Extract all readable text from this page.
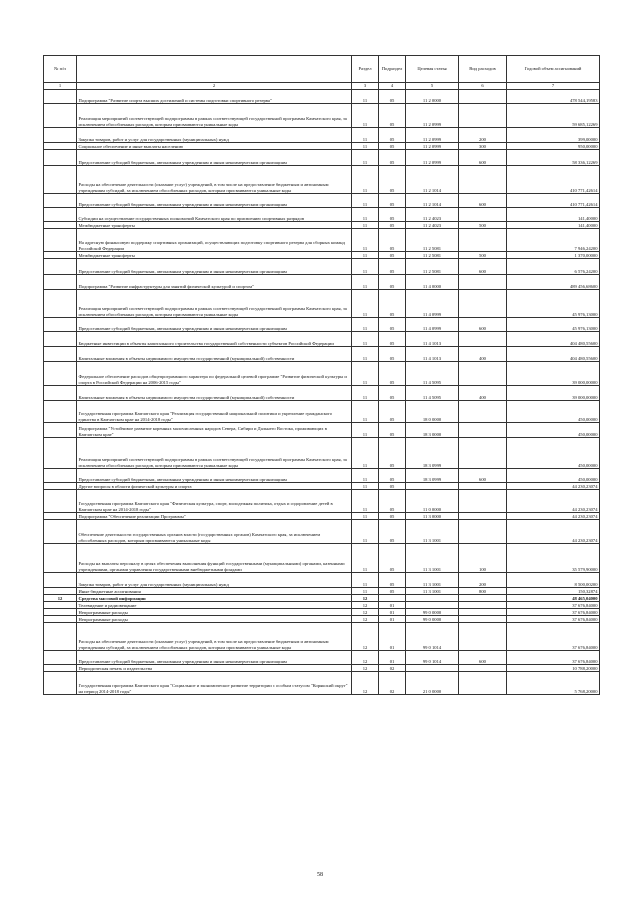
№ п/п		Раздел	Подраздел	Целевая статья	Вид расходов	Годовой объем ассигнований
1	2	3	4	5	6	7
	Подпрограмма "Развитие спорта высших достижений и системы подготовки спортивного резерва"	11	05	11 2 0000		478 544,19583
	Реализация мероприятий соответствующей подпрограммы в рамках соответствующей государственной программы Камчатского края, за исключением обособленных расходов, которым присваиваются уникальные коды	11	05	11 2 0999		59 685,12269
	Закупка товаров, работ и услуг для государственных (муниципальных) нужд	11	05	11 2 0999	200	399,00000
	Социальное обеспечение и иные выплаты населению	11	05	11 2 0999	300	950,00000
	Предоставление субсидий бюджетным, автономным учреждениям и иным некоммерческим организациям	11	05	11 2 0999	600	58 336,12269
	Расходы на обеспечение деятельности (оказание услуг) учреждений, в том числе на предоставление бюджетным и автономным учреждениям субсидий, за исключением обособленных расходов, которым присваиваются уникальные коды	11	05	11 2 1014		410 771,42614
	Предоставление субсидий бюджетным, автономным учреждениям и иным некоммерческим организациям	11	05	11 2 1014	600	410 771,42614
	Субсидии на осуществление государственных полномочий Камчатского края по присвоению спортивных разрядов	11	05	11 2 4023		141,40000
	Межбюджетные трансферты	11	05	11 2 4023	500	141,40000
	На адресную финансовую поддержку спортивных организаций, осуществляющих подготовку спортивного резерва для сборных команд Российской Федерации	11	05	11 2 5081		7 946,24200
	Межбюджетные трансферты	11	05	11 2 5081	500	1 370,00000
	Предоставление субсидий бюджетным, автономным учреждениям и иным некоммерческим организациям	11	05	11 2 5081	600	6 576,24200
	Подпрограмма "Развитие инфраструктуры для занятий физической культурой и спортом"	11	05	11 4 0000		489 456,68600
	Реализация мероприятий соответствующей подпрограммы в рамках соответствующей государственной программы Камчатского края, за исключением обособленных расходов, которым присваиваются уникальные коды	11	05	11 4 0999		45 976,13000
	Предоставление субсидий бюджетным, автономным учреждениям и иным некоммерческим организациям	11	05	11 4 0999	600	45 976,13000
	Бюджетные инвестиции в объекты капитального строительства государственной собственности субъектов Российской Федерации	11	05	11 4 1013		404 480,55600
	Капитальные вложения в объекты недвижимого имущества государственной (муниципальной) собственности	11	05	11 4 1013	400	404 480,55600
	Федеральное обеспечение расходов общепрограммного характера по федеральной целевой программе "Развитие физической культуры и спорта в Российской Федерации на 2006-2015 годы"	11	05	11 4 5095		39 000,00000
	Капитальные вложения в объекты недвижимого имущества государственной (муниципальной) собственности	11	05	11 4 5095	400	39 000,00000
	Государственная программа Камчатского края "Реализация государственной национальной политики и укрепление гражданского единства в Камчатском крае на 2014-2018 годы"	11	05	18 0 0000		450,00000
	Подпрограмма "Устойчивое развитие коренных малочисленных народов Севера, Сибири и Дальнего Востока, проживающих в Камчатском крае"	11	05	18 3 0000		450,00000
	Реализация мероприятий соответствующей подпрограммы в рамках соответствующей государственной программы Камчатского края, за исключением обособленных расходов, которым присваиваются уникальные коды	11	05	18 3 0999		450,00000
	Предоставление субсидий бюджетным, автономным учреждениям и иным некоммерческим организациям	11	05	18 3 0999	600	450,00000
	Другие вопросы в области физической культуры и спорта	11	05			44 230,23074
	Государственная программа Камчатского края "Физическая культура, спорт, молодежная политика, отдых и оздоровление детей в Камчатском крае на 2014-2018 годы"	11	05	11 0 0000		44 230,23074
	Подпрограмма "Обеспечение реализации Программы"	11	05	11 3 0000		44 230,23074
	Обеспечение деятельности государственных органов власти (государственных органов) Камчатского края, за исключением обособленных расходов, которым присваиваются уникальные коды	11	05	11 3 1001		44 230,23074
	Расходы на выплаты персоналу в целях обеспечения выполнения функций государственными (муниципальными) органами, казенными учреждениями, органами управления государственными внебюджетными фондами	11	05	11 3 1001	100	35 579,90000
	Закупка товаров, работ и услуг для государственных (муниципальных) нужд	11	05	11 3 1001	200	8 500,00200
	Иные бюджетные ассигнования	11	05	11 3 1001	800	150,32874
12	Средства массовой информации	12				48 465,04000
	Телевидение и радиовещание	12	01			37 676,84000
	Непрограммные расходы	12	01	99 0 0000		37 676,84000
	Непрограммные расходы	12	01	99 0 0000		37 676,84000
	Расходы на обеспечение деятельности (оказание услуг) учреждений, в том числе на предоставление бюджетным и автономным учреждениям субсидий, за исключением обособленных расходов, которым присваиваются уникальные коды	12	01	99 0 1014		37 676,84000
	Предоставление субсидий бюджетным, автономным учреждениям и иным некоммерческим организациям	12	01	99 0 1014	600	37 676,84000
	Периодическая печать и издательства	12	02			10 788,20000
	Государственная программа Камчатского края "Социальное и экономическое развитие территории с особым статусом "Корякский округ" на период 2014-2018 годы"	12	02	21 0 0000		5 768,20000
58
